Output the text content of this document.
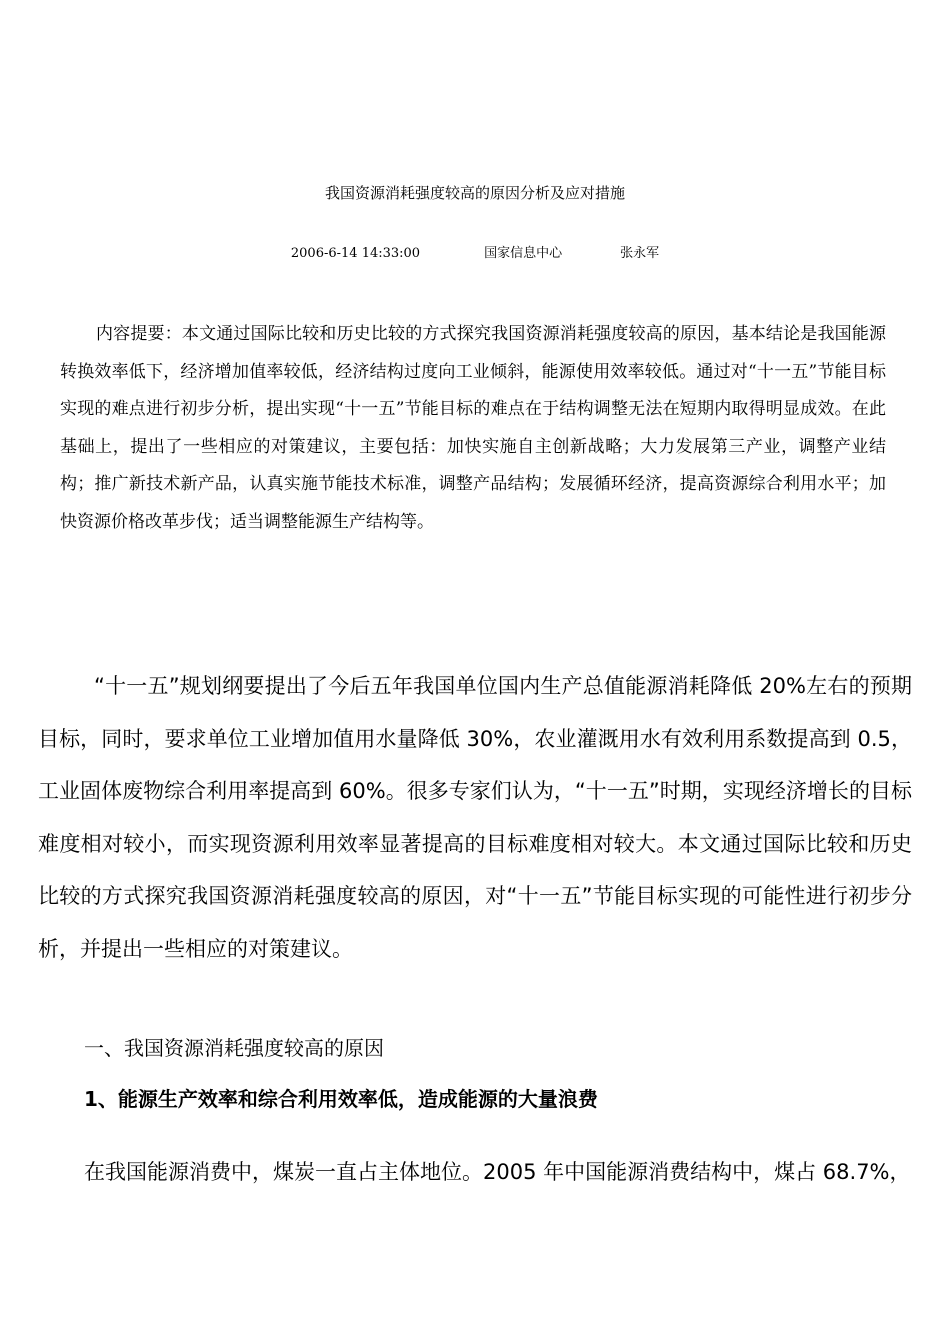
我国资源消耗强度较高的原因分析及应对措施
2006-6-14 14:33:00	国家信息中心	张永军

内容提要：本文通过国际比较和历史比较的方式探究我国资源消耗强度较高的原因，基本结论是我国能源转换效率低下，经济增加值率较低，经济结构过度向工业倾斜，能源使用效率较低。通过对“十一五”节能目标实现的难点进行初步分析，提出实现“十一五”节能目标的难点在于结构调整无法在短期内取得明显成效。在此基础上，提出了一些相应的对策建议，主要包括：加快实施自主创新战略；大力发展第三产业，调整产业结构；推广新技术新产品，认真实施节能技术标准，调整产品结构；发展循环经济，提高资源综合利用水平；加快资源价格改革步伐；适当调整能源生产结构等。

“十一五”规划纲要提出了今后五年我国单位国内生产总值能源消耗降低 20%左右的预期目标，同时，要求单位工业增加值用水量降低 30%，农业灌溉用水有效利用系数提高到 0.5，工业固体废物综合利用率提高到 60%。很多专家们认为，“十一五”时期，实现经济增长的目标难度相对较小，而实现资源利用效率显著提高的目标难度相对较大。本文通过国际比较和历史比较的方式探究我国资源消耗强度较高的原因，对“十一五”节能目标实现的可能性进行初步分析，并提出一些相应的对策建议。

一、我国资源消耗强度较高的原因
1、能源生产效率和综合利用效率低，造成能源的大量浪费

在我国能源消费中，煤炭一直占主体地位。2005 年中国能源消费结构中，煤占 68.7%，
